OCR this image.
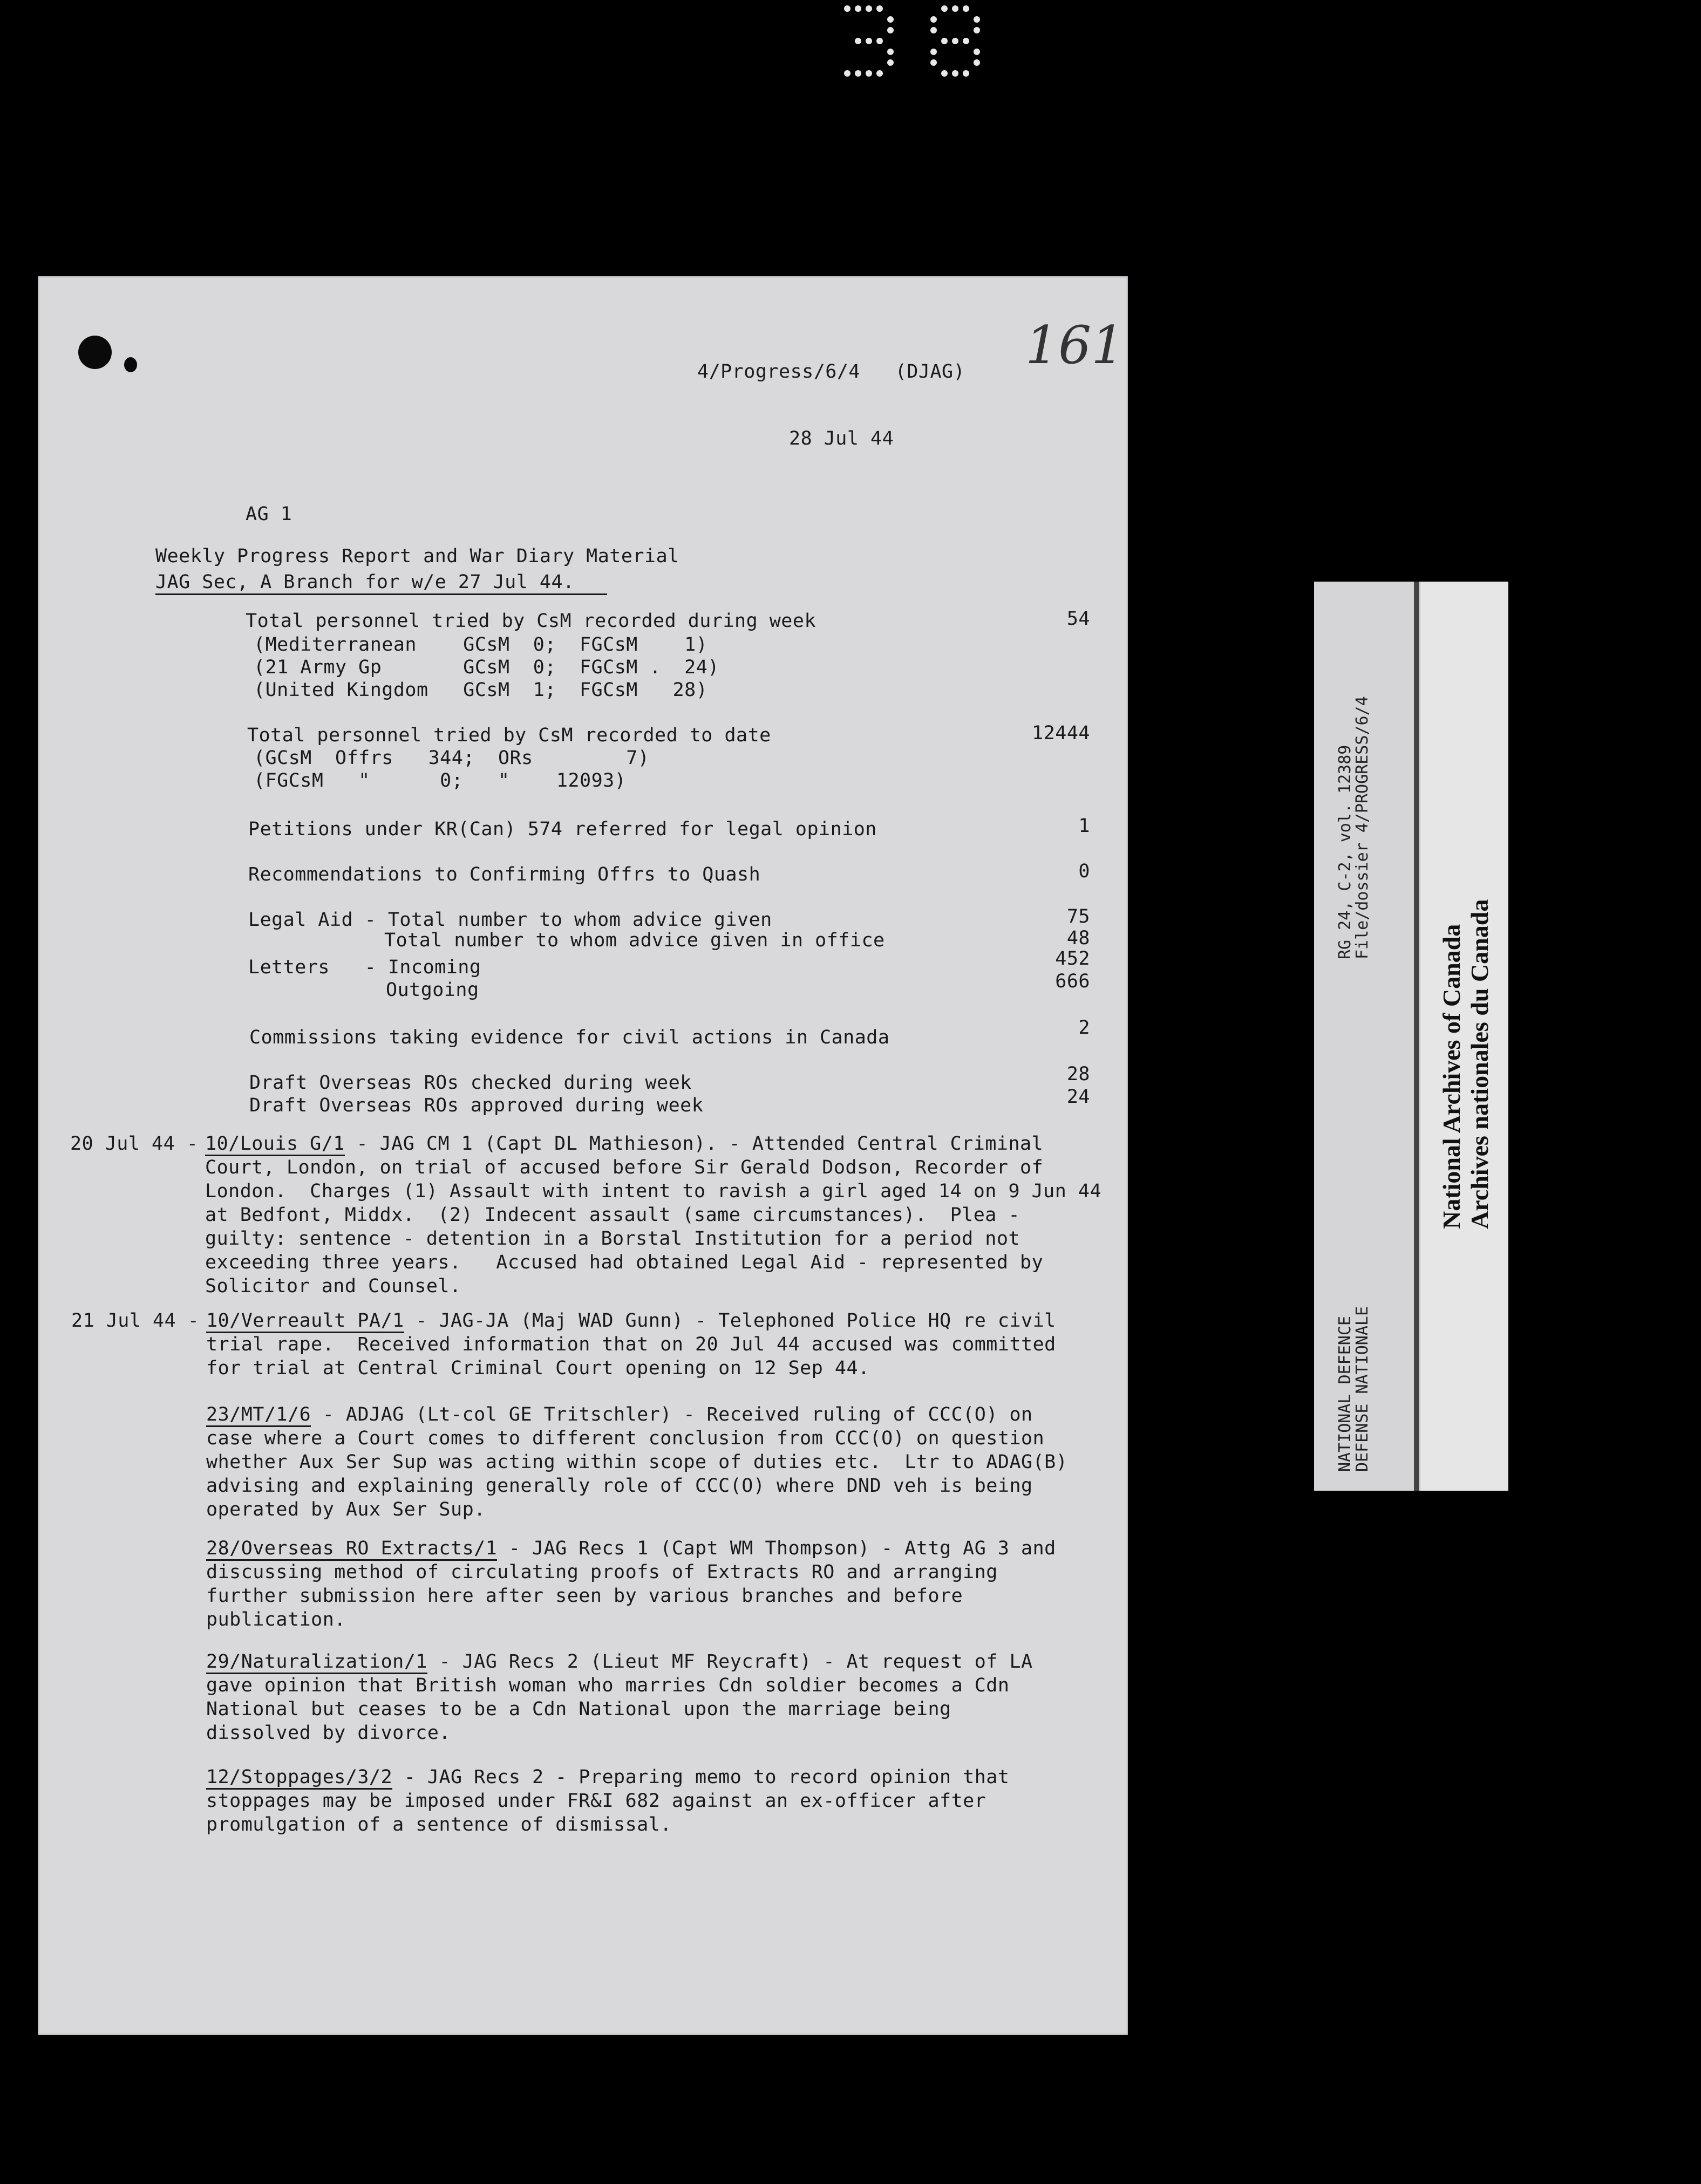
161
4/Progress/6/4 (DJAG)
28 Jul 44
AG 1
Weekly Progress Report and War Diary Material
JAG Sec, A Branch for w/e 27 Jul 44.
Total personnel tried by CsM recorded during week	54
(Mediterranean    GCsM  0;  FGCsM    1)
(21 Army Gp       GCsM  0;  FGCsM .  24)
(United Kingdom   GCsM  1;  FGCsM   28)
Total personnel tried by CsM recorded to date	12444
(GCsM  Offrs   344;  ORs        7)
(FGCsM   "      0;   "    12093)
Petitions under KR(Can) 574 referred for legal opinion	1
Recommendations to Confirming Offrs to Quash	0
Legal Aid - Total number to whom advice given	75
Total number to whom advice given in office	48
Letters   - Incoming	452
Outgoing	666
Commissions taking evidence for civil actions in Canada	2
Draft Overseas ROs checked during week	28
Draft Overseas ROs approved during week	24
20 Jul 44 - 10/Louis G/1 - JAG CM 1 (Capt DL Mathieson). - Attended Central Criminal
Court, London, on trial of accused before Sir Gerald Dodson, Recorder of
London.  Charges (1) Assault with intent to ravish a girl aged 14 on 9 Jun 44
at Bedfont, Middx.  (2) Indecent assault (same circumstances).  Plea -
guilty: sentence - detention in a Borstal Institution for a period not
exceeding three years.   Accused had obtained Legal Aid - represented by
Solicitor and Counsel.
21 Jul 44 - 10/Verreault PA/1 - JAG-JA (Maj WAD Gunn) - Telephoned Police HQ re civil
trial rape.  Received information that on 20 Jul 44 accused was committed
for trial at Central Criminal Court opening on 12 Sep 44.
23/MT/1/6 - ADJAG (Lt-col GE Tritschler) - Received ruling of CCC(O) on
case where a Court comes to different conclusion from CCC(O) on question
whether Aux Ser Sup was acting within scope of duties etc.  Ltr to ADAG(B)
advising and explaining generally role of CCC(O) where DND veh is being
operated by Aux Ser Sup.
28/Overseas RO Extracts/1 - JAG Recs 1 (Capt WM Thompson) - Attg AG 3 and
discussing method of circulating proofs of Extracts RO and arranging
further submission here after seen by various branches and before
publication.
29/Naturalization/1 - JAG Recs 2 (Lieut MF Reycraft) - At request of LA
gave opinion that British woman who marries Cdn soldier becomes a Cdn
National but ceases to be a Cdn National upon the marriage being
dissolved by divorce.
12/Stoppages/3/2 - JAG Recs 2 - Preparing memo to record opinion that
stoppages may be imposed under FR&I 682 against an ex-officer after
promulgation of a sentence of dismissal.
NATIONAL DEFENCE
DEFENSE NATIONALE
RG 24, C-2, vol. 12389
File/dossier 4/PROGRESS/6/4
National Archives of Canada Archives nationales du Canada
